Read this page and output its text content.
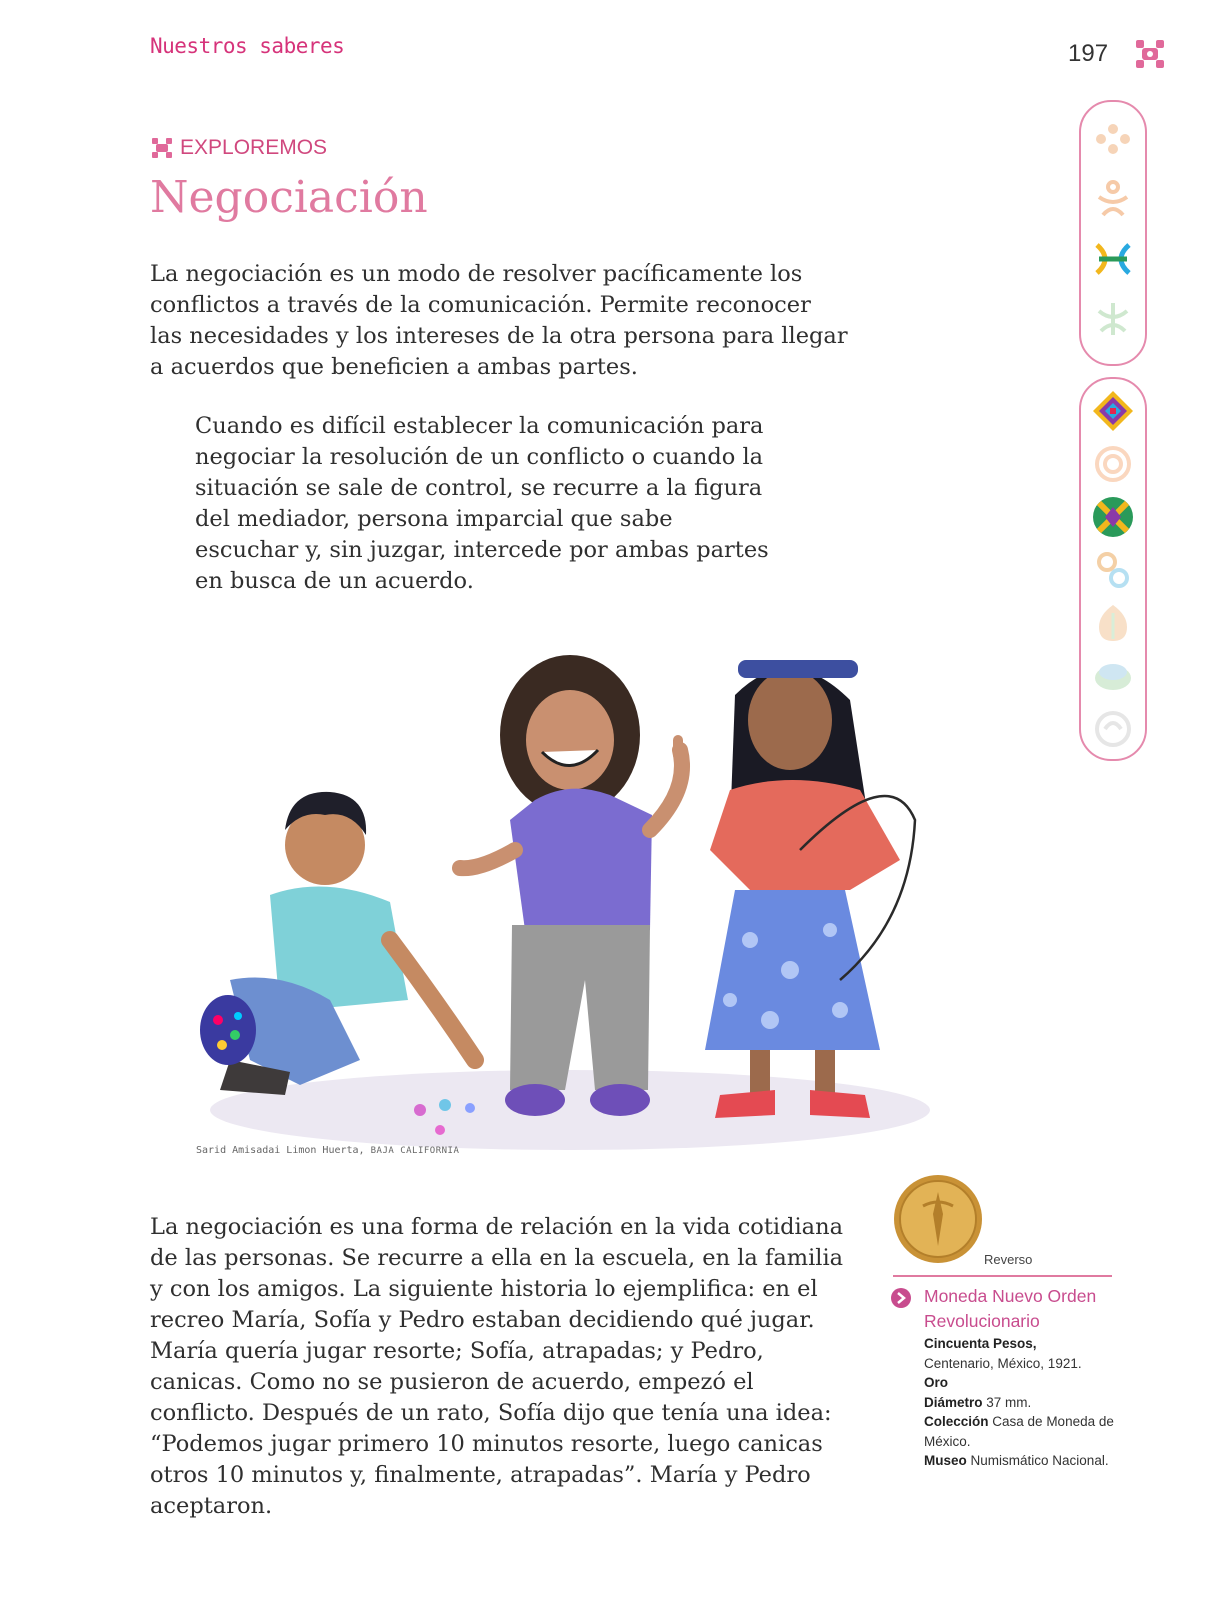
Nuestros saberes	197
EXPLOREMOS
Negociación

La negociación es un modo de resolver pacíficamente los conflictos a través de la comunicación. Permite reconocer las necesidades y los intereses de la otra persona para llegar a acuerdos que beneficien a ambas partes.

Cuando es difícil establecer la comunicación para negociar la resolución de un conflicto o cuando la situación se sale de control, se recurre a la figura del mediador, persona imparcial que sabe escuchar y, sin juzgar, intercede por ambas partes en busca de un acuerdo.

Sarid Amisadai Limon Huerta, BAJA CALIFORNIA

La negociación es una forma de relación en la vida cotidiana de las personas. Se recurre a ella en la escuela, en la familia y con los amigos. La siguiente historia lo ejemplifica: en el recreo María, Sofía y Pedro estaban decidiendo qué jugar. María quería jugar resorte; Sofía, atrapadas; y Pedro, canicas. Como no se pusieron de acuerdo, empezó el conflicto. Después de un rato, Sofía dijo que tenía una idea: “Podemos jugar primero 10 minutos resorte, luego canicas otros 10 minutos y, finalmente, atrapadas”. María y Pedro aceptaron.

Reverso
Moneda Nuevo Orden Revolucionario
Cincuenta Pesos,
Centenario, México, 1921.
Oro
Diámetro 37 mm.
Colección Casa de Moneda de México.
Museo Numismático Nacional.
